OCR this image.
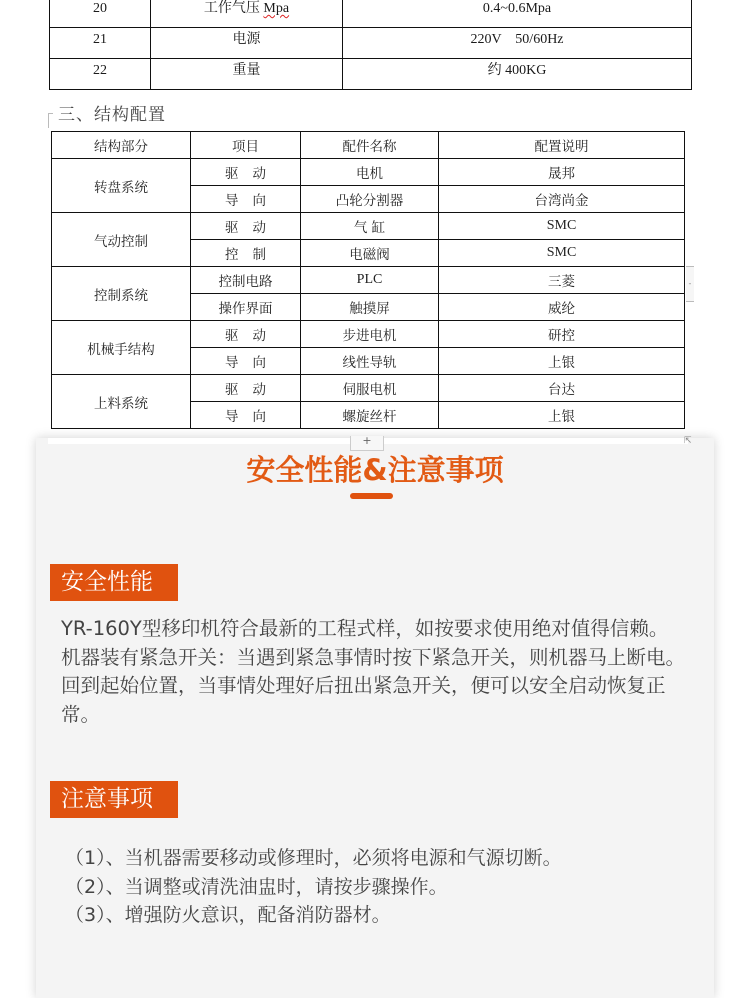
20	工作气压 Mpa	0.4~0.6Mpa
21	电源	220V    50/60Hz
22	重量	约 400KG
三、结构配置
结构部分	项目	配件名称	配置说明
转盘系统	驱动	电机	晟邦
	导向	凸轮分割器	台湾尚金
气动控制	驱动	气 缸	SMC
	控制	电磁阀	SMC
控制系统	控制电路	PLC	三菱
	操作界面	触摸屏	威纶
机械手结构	驱动	步进电机	研控
	导向	线性导轨	上银
上料系统	驱动	伺服电机	台达
	导向	螺旋丝杆	上银
-
+	⇱
安全性能&注意事项
安全性能
YR-160Y型移印机符合最新的工程式样，如按要求使用绝对值得信赖。
机器装有紧急开关：当遇到紧急事情时按下紧急开关，则机器马上断电。回到起始位置，当事情处理好后扭出紧急开关，便可以安全启动恢复正常。
注意事项
（1）、当机器需要移动或修理时，必须将电源和气源切断。
（2）、当调整或清洗油盅时，请按步骤操作。
（3）、增强防火意识，配备消防器材。
